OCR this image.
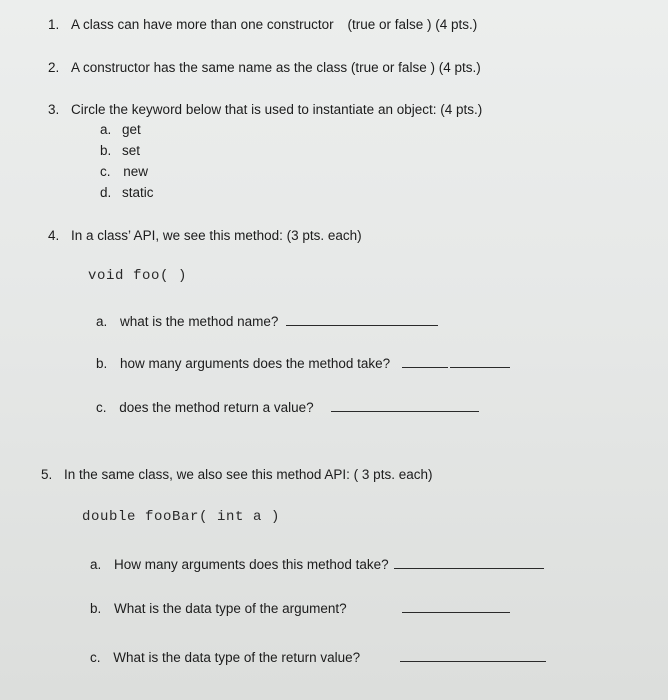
1. A class can have more than one constructor (true or false ) (4 pts.)
2. A constructor has the same name as the class (true or false ) (4 pts.)
3. Circle the keyword below that is used to instantiate an object: (4 pts.)
a. get
b. set
c. new
d. static
4. In a class’ API, we see this method: (3 pts. each)
void foo( )
a. what is the method name?
b. how many arguments does the method take?
c. does the method return a value?
5. In the same class, we also see this method API: ( 3 pts. each)
double fooBar( int a )
a. How many arguments does this method take?
b. What is the data type of the argument?
c. What is the data type of the return value?
